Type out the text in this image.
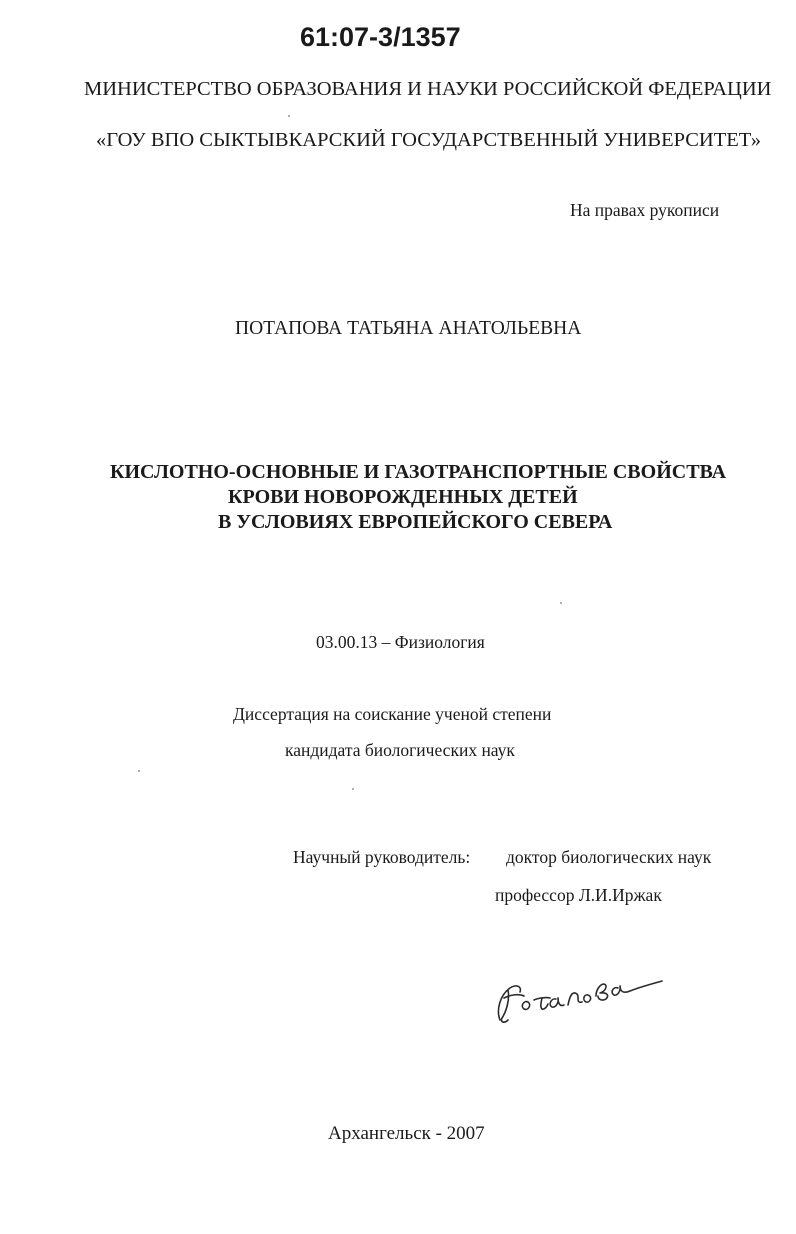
61:07-3/1357
МИНИСТЕРСТВО ОБРАЗОВАНИЯ И НАУКИ РОССИЙСКОЙ ФЕДЕРАЦИИ
«ГОУ ВПО СЫКТЫВКАРСКИЙ ГОСУДАРСТВЕННЫЙ УНИВЕРСИТЕТ»
На правах рукописи
ПОТАПОВА ТАТЬЯНА АНАТОЛЬЕВНА
КИСЛОТНО-ОСНОВНЫЕ И ГАЗОТРАНСПОРТНЫЕ СВОЙСТВА
КРОВИ НОВОРОЖДЕННЫХ ДЕТЕЙ
В УСЛОВИЯХ ЕВРОПЕЙСКОГО СЕВЕРА
03.00.13 – Физиология
Диссертация на соискание ученой степени
кандидата биологических наук
Научный руководитель: доктор биологических наук
профессор Л.И.Иржак
Архангельск - 2007
